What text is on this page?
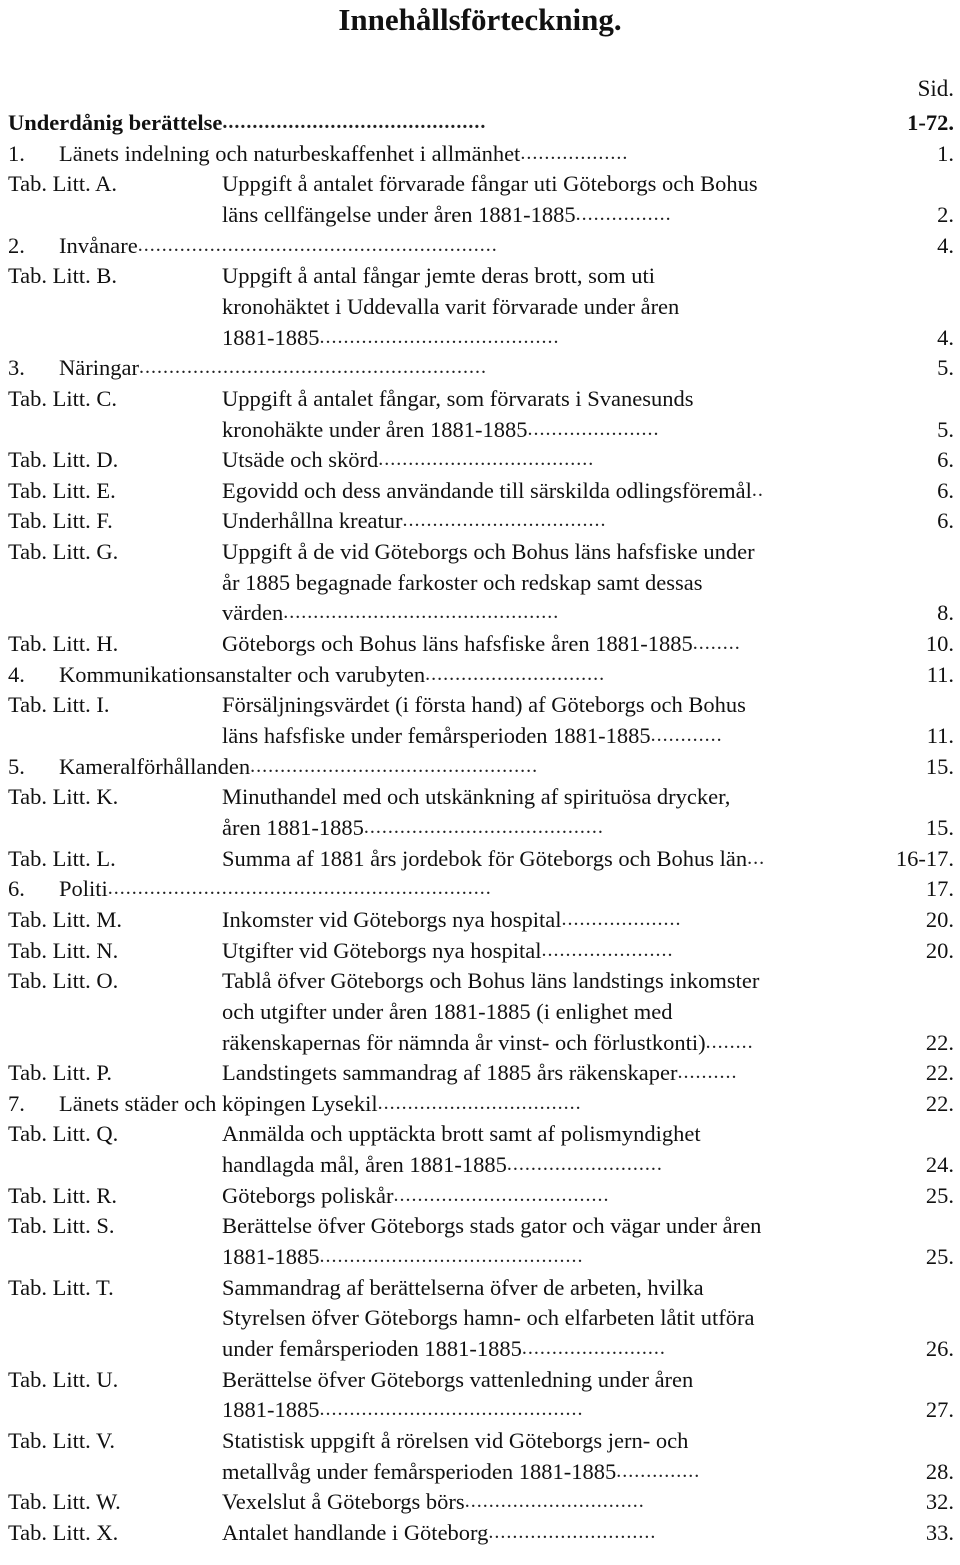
Innehållsförteckning.
Sid.
Underdånig berättelse............................................	1-72.
1. Länets indelning och naturbeskaffenhet i allmänhet..................	1.
Tab. Litt. A.	Uppgift å antalet förvarade fångar uti Göteborgs och Bohus
läns cellfängelse under åren 1881-1885................	2.
2. Invånare............................................................	4.
Tab. Litt. B.	Uppgift å antal fångar jemte deras brott, som uti
kronohäktet i Uddevalla varit förvarade under åren
1881-1885........................................	4.
3. Näringar..........................................................	5.
Tab. Litt. C.	Uppgift å antalet fångar, som förvarats i Svanesunds
kronohäkte under åren 1881-1885......................	5.
Tab. Litt. D.	Utsäde och skörd....................................	6.
Tab. Litt. E.	Egovidd och dess användande till särskilda odlingsföremål..	6.
Tab. Litt. F.	Underhållna kreatur..................................	6.
Tab. Litt. G.	Uppgift å de vid Göteborgs och Bohus läns hafsfiske under
år 1885 begagnade farkoster och redskap samt dessas
värden..............................................	8.
Tab. Litt. H.	Göteborgs och Bohus läns hafsfiske åren 1881-1885........	10.
4. Kommunikationsanstalter och varubyten..............................	11.
Tab. Litt. I.	Försäljningsvärdet (i första hand) af Göteborgs och Bohus
läns hafsfiske under femårsperioden 1881-1885............	11.
5. Kameralförhållanden................................................	15.
Tab. Litt. K.	Minuthandel med och utskänkning af spirituösa drycker,
åren 1881-1885........................................	15.
Tab. Litt. L.	Summa af 1881 års jordebok för Göteborgs och Bohus län...	16-17.
6. Politi................................................................	17.
Tab. Litt. M.	Inkomster vid Göteborgs nya hospital....................	20.
Tab. Litt. N.	Utgifter vid Göteborgs nya hospital......................	20.
Tab. Litt. O.	Tablå öfver Göteborgs och Bohus läns landstings inkomster
och utgifter under åren 1881-1885 (i enlighet med
räkenskapernas för nämnda år vinst- och förlustkonti)........	22.
Tab. Litt. P.	Landstingets sammandrag af 1885 års räkenskaper..........	22.
7. Länets städer och köpingen Lysekil..................................	22.
Tab. Litt. Q.	Anmälda och upptäckta brott samt af polismyndighet
handlagda mål, åren 1881-1885..........................	24.
Tab. Litt. R.	Göteborgs poliskår....................................	25.
Tab. Litt. S.	Berättelse öfver Göteborgs stads gator och vägar under åren
1881-1885............................................	25.
Tab. Litt. T.	Sammandrag af berättelserna öfver de arbeten, hvilka
Styrelsen öfver Göteborgs hamn- och elfarbeten låtit utföra
under femårsperioden 1881-1885........................	26.
Tab. Litt. U.	Berättelse öfver Göteborgs vattenledning under åren
1881-1885............................................	27.
Tab. Litt. V.	Statistisk uppgift å rörelsen vid Göteborgs jern- och
metallvåg under femårsperioden 1881-1885..............	28.
Tab. Litt. W.	Vexelslut å Göteborgs börs..............................	32.
Tab. Litt. X.	Antalet handlande i Göteborg............................	33.
